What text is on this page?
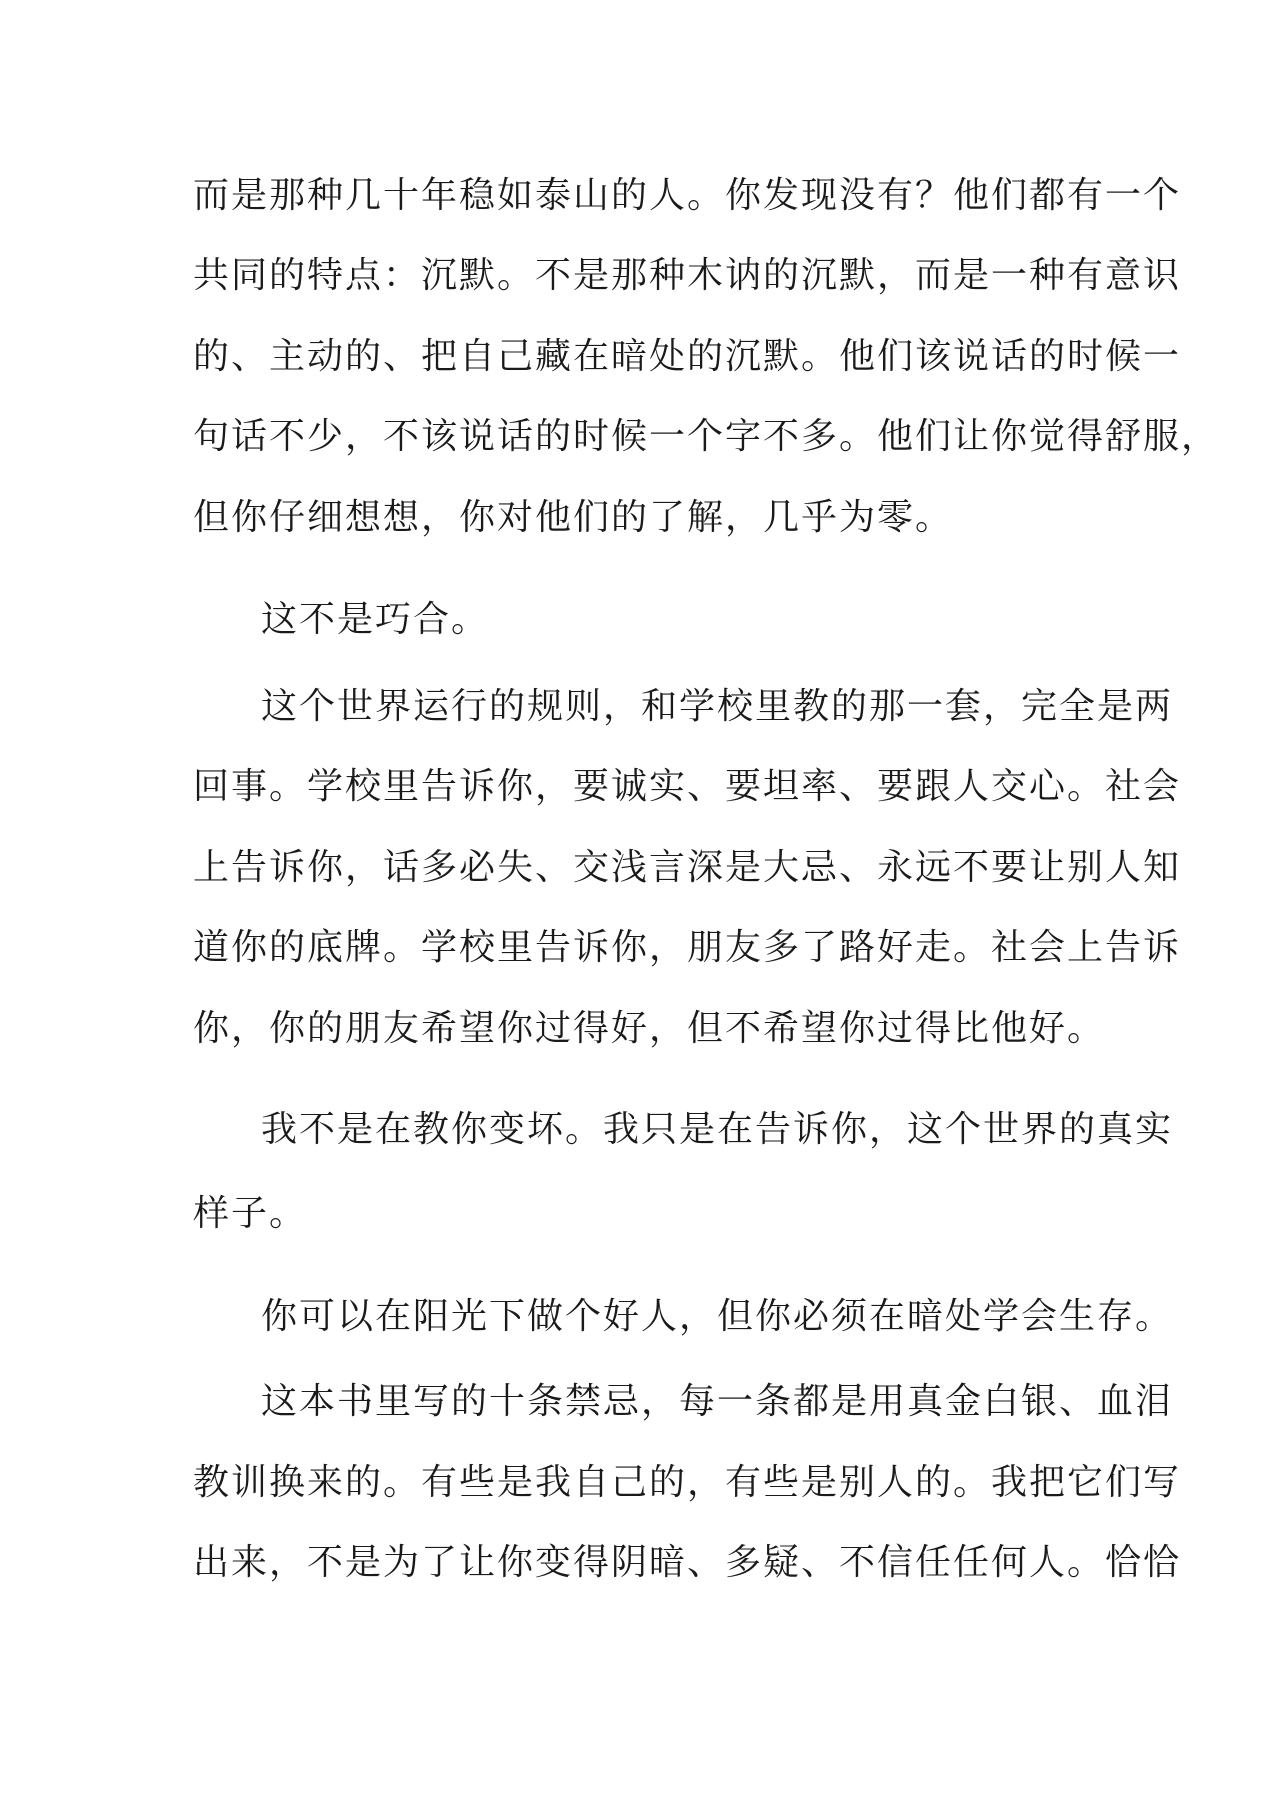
而是那种几十年稳如泰山的人。你发现没有？他们都有一个
共同的特点：沉默。不是那种木讷的沉默，而是一种有意识
的、主动的、把自己藏在暗处的沉默。他们该说话的时候一
句话不少，不该说话的时候一个字不多。他们让你觉得舒服，
但你仔细想想，你对他们的了解，几乎为零。
这不是巧合。
这个世界运行的规则，和学校里教的那一套，完全是两
回事。学校里告诉你，要诚实、要坦率、要跟人交心。社会
上告诉你，话多必失、交浅言深是大忌、永远不要让别人知
道你的底牌。学校里告诉你，朋友多了路好走。社会上告诉
你，你的朋友希望你过得好，但不希望你过得比他好。
我不是在教你变坏。我只是在告诉你，这个世界的真实
样子。
你可以在阳光下做个好人，但你必须在暗处学会生存。
这本书里写的十条禁忌，每一条都是用真金白银、血泪
教训换来的。有些是我自己的，有些是别人的。我把它们写
出来，不是为了让你变得阴暗、多疑、不信任任何人。恰恰
